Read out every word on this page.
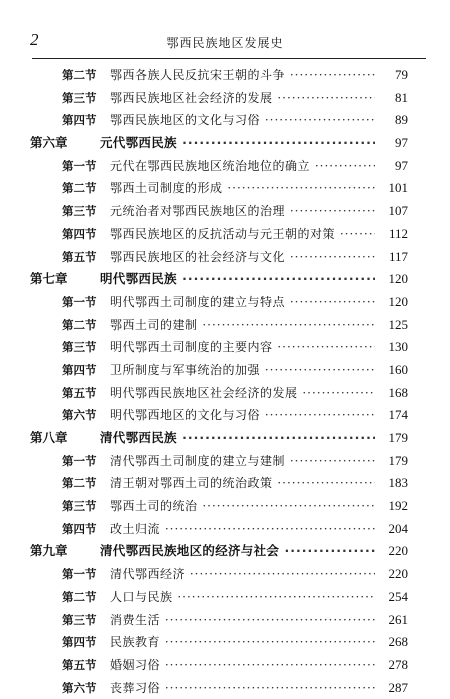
2	鄂西民族地区发展史
第二节 鄂西各族人民反抗宋王朝的斗争 ·····	79
第三节 鄂西民族地区社会经济的发展 ·····	81
第四节 鄂西民族地区的文化与习俗 ·····	89
第六章	元代鄂西民族 ·····	97
第一节 元代在鄂西民族地区统治地位的确立 ·····	97
第二节 鄂西土司制度的形成 ·····	101
第三节 元统治者对鄂西民族地区的治理 ·····	107
第四节 鄂西民族地区的反抗活动与元王朝的对策 ·····	112
第五节 鄂西民族地区的社会经济与文化 ·····	117
第七章	明代鄂西民族 ·····	120
第一节 明代鄂西土司制度的建立与特点 ·····	120
第二节 鄂西土司的建制 ·····	125
第三节 明代鄂西土司制度的主要内容 ·····	130
第四节 卫所制度与军事统治的加强 ·····	160
第五节 明代鄂西民族地区社会经济的发展 ·····	168
第六节 明代鄂西地区的文化与习俗 ·····	174
第八章	清代鄂西民族 ·····	179
第一节 清代鄂西土司制度的建立与建制 ·····	179
第二节 清王朝对鄂西土司的统治政策 ·····	183
第三节 鄂西土司的统治 ·····	192
第四节 改土归流 ·····	204
第九章	清代鄂西民族地区的经济与社会 ·····	220
第一节 清代鄂西经济 ·····	220
第二节 人口与民族 ·····	254
第三节 消费生活 ·····	261
第四节 民族教育 ·····	268
第五节 婚姻习俗 ·····	278
第六节 丧葬习俗 ·····	287
